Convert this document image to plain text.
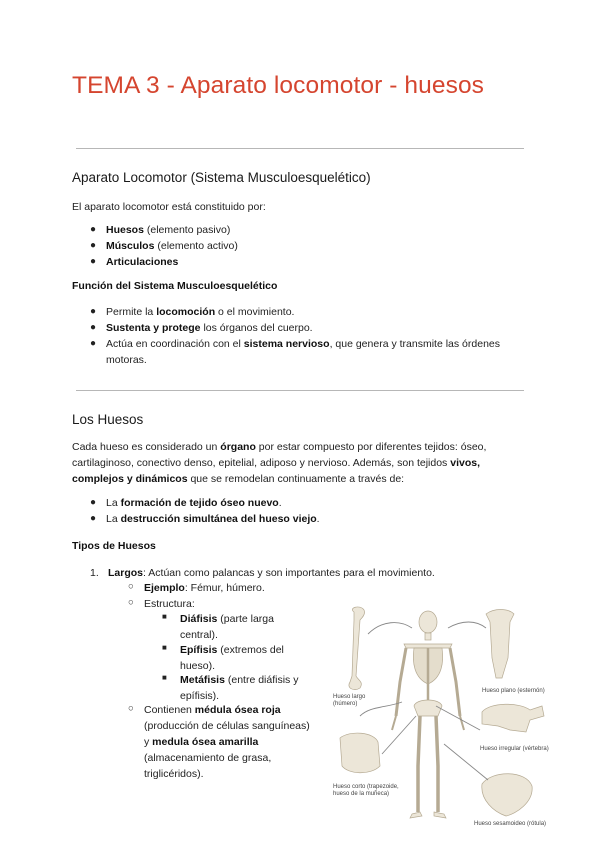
TEMA 3 - Aparato locomotor - huesos
Aparato Locomotor (Sistema Musculoesquelético)

El aparato locomotor está constituido por:

● Huesos (elemento pasivo)
● Músculos (elemento activo)
● Articulaciones
Función del Sistema Musculoesquelético
● Permite la locomoción o el movimiento.
● Sustenta y protege los órganos del cuerpo.
● Actúa en coordinación con el sistema nervioso, que genera y transmite las órdenes motoras.
Los Huesos

Cada hueso es considerado un órgano por estar compuesto por diferentes tejidos: óseo, cartilaginoso, conectivo denso, epitelial, adiposo y nervioso. Además, son tejidos vivos, complejos y dinámicos que se remodelan continuamente a través de:

● La formación de tejido óseo nuevo.
● La destrucción simultánea del hueso viejo.
Tipos de Huesos
1. Largos: Actúan como palancas y son importantes para el movimiento.
○ Ejemplo: Fémur, húmero.
○ Estructura:
■ Diáfisis (parte larga
central).
■ Epífisis (extremos del
hueso).
■ Metáfisis (entre diáfisis y
epífisis).
○ Contienen médula ósea roja
(producción de células sanguíneas)
y medula ósea amarilla
(almacenamiento de grasa,
triglicéridos).
Hueso largo
(húmero)
Hueso plano (esternón)
Hueso irregular (vértebra)
Hueso corto (trapezoide,
hueso de la muñeca)
Hueso sesamoideo (rótula)
